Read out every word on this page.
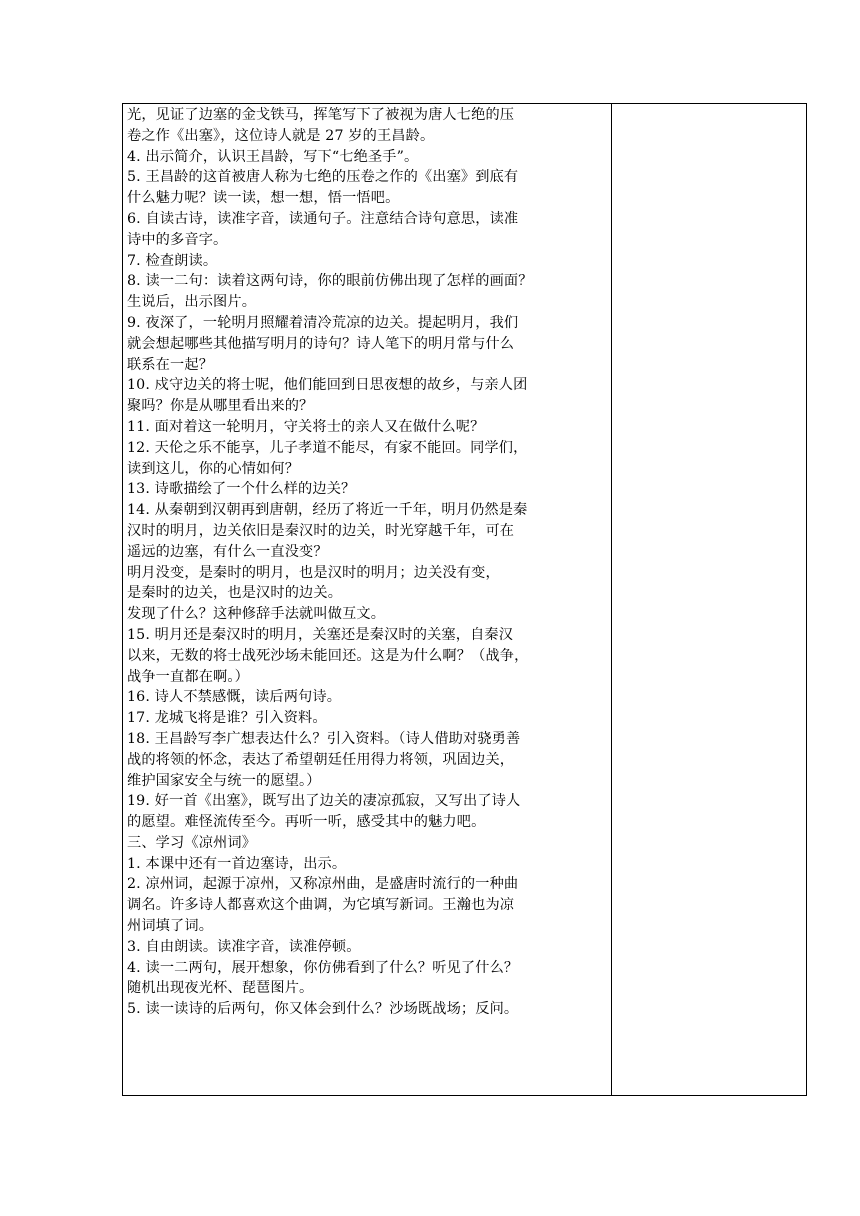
光，见证了边塞的金戈铁马，挥笔写下了被视为唐人七绝的压
卷之作《出塞》，这位诗人就是 27 岁的王昌龄。
4. 出示简介，认识王昌龄，写下“七绝圣手”。
5. 王昌龄的这首被唐人称为七绝的压卷之作的《出塞》到底有
什么魅力呢？读一读，想一想，悟一悟吧。
6. 自读古诗，读准字音，读通句子。注意结合诗句意思，读准
诗中的多音字。
7. 检查朗读。
8. 读一二句：读着这两句诗，你的眼前仿佛出现了怎样的画面？
生说后，出示图片。
9. 夜深了，一轮明月照耀着清冷荒凉的边关。提起明月，我们
就会想起哪些其他描写明月的诗句？诗人笔下的明月常与什么
联系在一起？
10. 戍守边关的将士呢，他们能回到日思夜想的故乡，与亲人团
聚吗？你是从哪里看出来的？
11. 面对着这一轮明月，守关将士的亲人又在做什么呢？
12. 天伦之乐不能享，儿子孝道不能尽，有家不能回。同学们，
读到这儿，你的心情如何？
13. 诗歌描绘了一个什么样的边关？
14. 从秦朝到汉朝再到唐朝，经历了将近一千年，明月仍然是秦
汉时的明月，边关依旧是秦汉时的边关，时光穿越千年，可在
遥远的边塞，有什么一直没变？
明月没变，是秦时的明月，也是汉时的明月；边关没有变，
是秦时的边关，也是汉时的边关。
发现了什么？这种修辞手法就叫做互文。
15. 明月还是秦汉时的明月，关塞还是秦汉时的关塞，自秦汉
以来，无数的将士战死沙场未能回还。这是为什么啊？（战争，
战争一直都在啊。）
16. 诗人不禁感慨，读后两句诗。
17. 龙城飞将是谁？引入资料。
18. 王昌龄写李广想表达什么？引入资料。（诗人借助对骁勇善
战的将领的怀念，表达了希望朝廷任用得力将领，巩固边关，
维护国家安全与统一的愿望。）
19. 好一首《出塞》，既写出了边关的凄凉孤寂，又写出了诗人
的愿望。难怪流传至今。再听一听，感受其中的魅力吧。
三、学习《凉州词》
1. 本课中还有一首边塞诗，出示。
2. 凉州词，起源于凉州，又称凉州曲，是盛唐时流行的一种曲
调名。许多诗人都喜欢这个曲调，为它填写新词。王瀚也为凉
州词填了词。
3. 自由朗读。读准字音，读准停顿。
4. 读一二两句，展开想象，你仿佛看到了什么？听见了什么？
随机出现夜光杯、琵琶图片。
5. 读一读诗的后两句，你又体会到什么？沙场既战场；反问。
